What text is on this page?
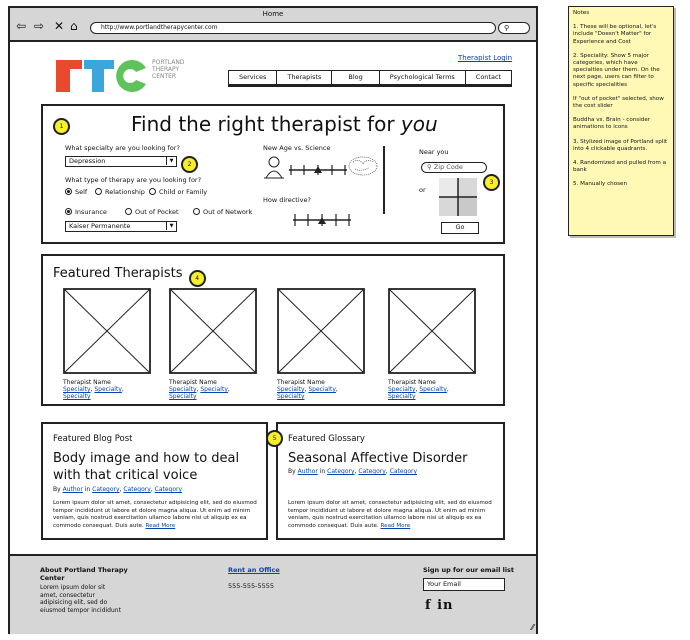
Home
⇦ ⇨ ✕ ⌂	http://www.portlandtherapycenter.com	⚲
PORTLAND
THERAPY
CENTER
Therapist Login
Services	Therapists	Blog	Psychological Terms	Contact
1	Find the right therapist for you
What specialty are you looking for?
Depression	▼	2
What type of therapy are you looking for?
Self	Relationship	Child or Family
Insurance	Out of Pocket	Out of Network
Kaiser Permanente	▼
New Age vs. Science
How directive?
Near you
⚲ Zip Code
or
3
Go
Featured Therapists 4
Therapist Name
Specialty, Specialty, Specialty
Therapist Name
Specialty, Specialty, Specialty
Therapist Name
Specialty, Specialty, Specialty
Therapist Name
Specialty, Specialty, Specialty
Featured Blog Post
Body image and how to deal with that critical voice
By Author in Category, Category, Category
Lorem ipsum dolor sit amet, consectetur adipisicing elit, sed do eiusmod tempor incididunt ut labore et dolore magna aliqua. Ut enim ad minim veniam, quis nostrud exercitation ullamco labore nisi ut aliquip ex ea commodo consequat. Duis aute. Read More
5	Featured Glossary
Seasonal Affective Disorder
By Author in Category, Category, Category
Lorem ipsum dolor sit amet, consectetur adipisicing elit, sed do eiusmod tempor incididunt ut labore et dolore magna aliqua. Ut enim ad minim veniam, quis nostrud exercitation ullamco labore nisi ut aliquip ex ea commodo consequat. Duis aute. Read More
About Portland Therapy Center
Lorem ipsum dolor sit amet, consectetur adipisicing elit, sed do eiusmod tempor incididunt
Rent an Office
555-555-5555
Sign up for our email list
Your Email
f in
⁄⁄

Notes

1. These will be optional, let's include "Doesn't Matter" for Experience and Cost

2. Speciality: Show 5 major categories, which have specialties under them. On the next page, users can filter to specific specialities

If "out of pocket" selected, show the cost slider

Buddha vs. Brain - consider animations to icons

3. Stylized image of Portland split into 4 clickable quadrants.

4. Randomized and pulled from a bank

5. Manually chosen
